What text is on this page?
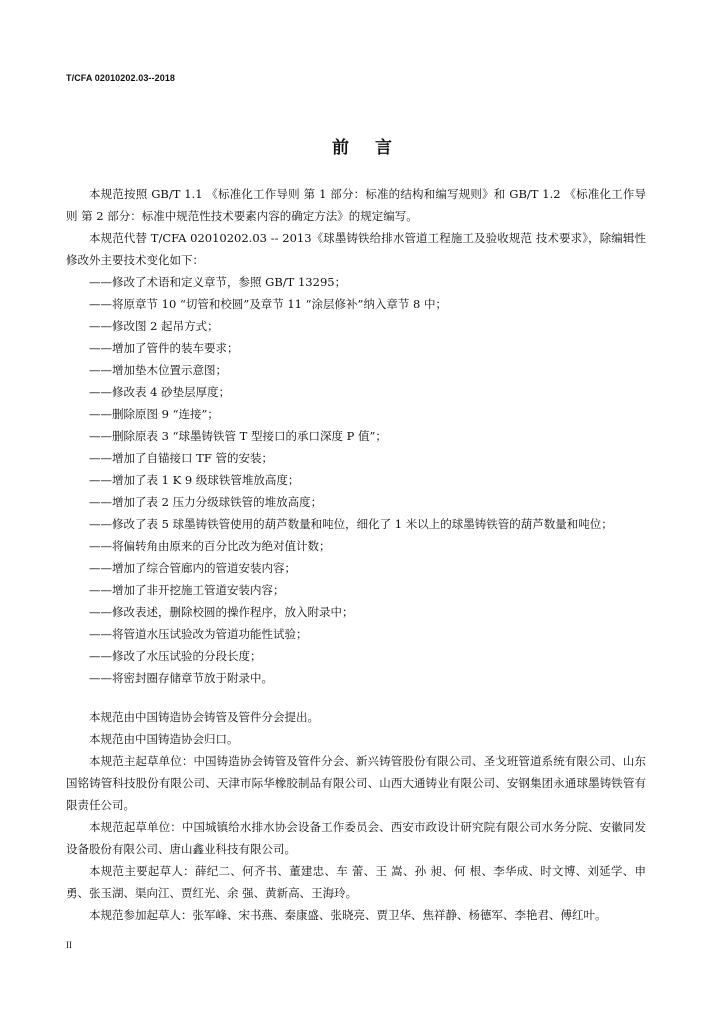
T/CFA 02010202.03--2018
前言

本规范按照 GB/T 1.1 《标准化工作导则 第 1 部分：标准的结构和编写规则》和 GB/T 1.2 《标准化工作导则 第 2 部分：标准中规范性技术要素内容的确定方法》的规定编写。

本规范代替 T/CFA 02010202.03 -- 2013《球墨铸铁给排水管道工程施工及验收规范 技术要求》，除编辑性修改外主要技术变化如下：

——修改了术语和定义章节，参照 GB/T 13295；
——将原章节 10 “切管和校圆”及章节 11 “涂层修补”纳入章节 8 中；
——修改图 2 起吊方式；
——增加了管件的装车要求；
——增加垫木位置示意图；
——修改表 4 砂垫层厚度；
——删除原图 9 “连接”；
——删除原表 3 “球墨铸铁管 T 型接口的承口深度 P 值”；
——增加了自锚接口 TF 管的安装；
——增加了表 1 K 9 级球铁管堆放高度；
——增加了表 2 压力分级球铁管的堆放高度；
——修改了表 5 球墨铸铁管使用的葫芦数量和吨位，细化了 1 米以上的球墨铸铁管的葫芦数量和吨位；
——将偏转角由原来的百分比改为绝对值计数；
——增加了综合管廊内的管道安装内容；
——增加了非开挖施工管道安装内容；
——修改表述，删除校圆的操作程序，放入附录中；
——将管道水压试验改为管道功能性试验；
——修改了水压试验的分段长度；
——将密封圈存储章节放于附录中。

本规范由中国铸造协会铸管及管件分会提出。

本规范由中国铸造协会归口。

本规范主起草单位：中国铸造协会铸管及管件分会、新兴铸管股份有限公司、圣戈班管道系统有限公司、山东国铭铸管科技股份有限公司、天津市际华橡胶制品有限公司、山西大通铸业有限公司、安钢集团永通球墨铸铁管有限责任公司。

本规范起草单位：中国城镇给水排水协会设备工作委员会、西安市政设计研究院有限公司水务分院、安徽同发设备股份有限公司、唐山鑫业科技有限公司。

本规范主要起草人：薛纪二、何齐书、董建忠、车 蕾、王 嵩、孙 昶、何 根、李华成、时文博、刘延学、申勇、张玉湖、渠向江、贾红光、余 强、黄新高、王海玲。

本规范参加起草人：张军峰、宋书燕、秦康盛、张晓亮、贾卫华、焦祥静、杨德军、李艳君、傅红叶。

II
